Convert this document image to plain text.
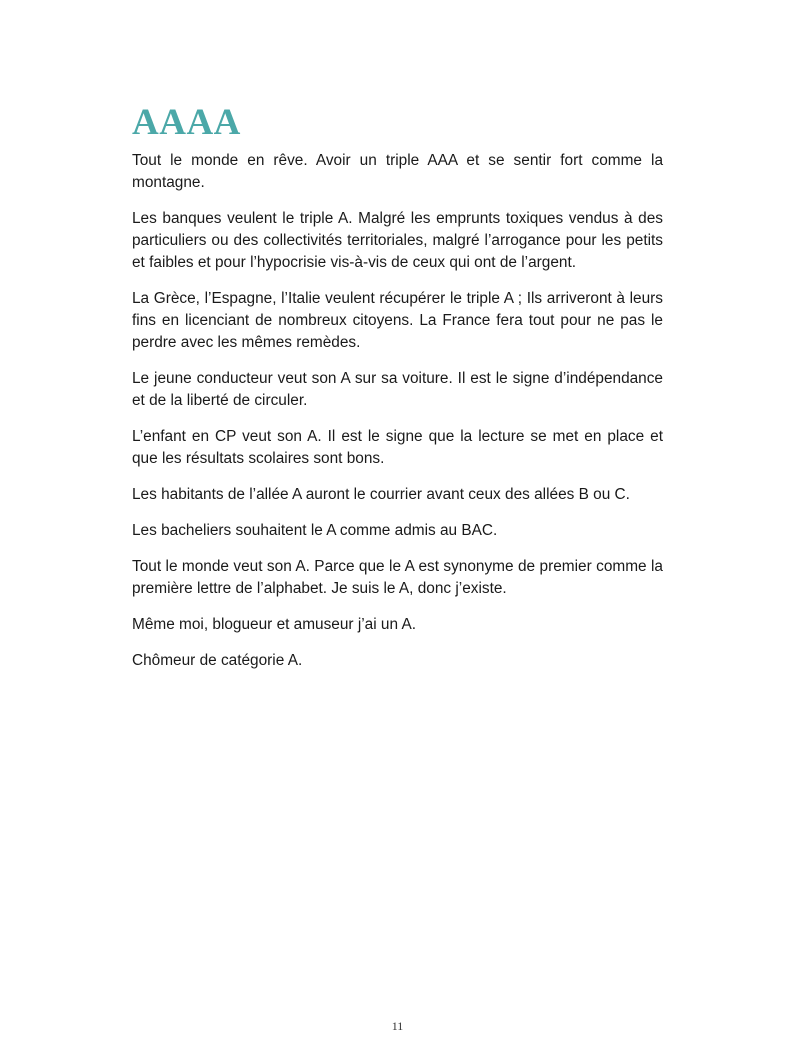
AAAA

Tout le monde en rêve. Avoir un triple AAA et se sentir fort comme la montagne.

Les banques veulent le triple A. Malgré les emprunts toxiques vendus à des particuliers ou des collectivités territoriales, malgré l’arrogance pour les petits et faibles et pour l’hypocrisie vis-à-vis de ceux qui ont de l’argent.

La Grèce, l’Espagne, l’Italie veulent récupérer le triple A ; Ils arriveront à leurs fins en licenciant de nombreux citoyens. La France fera tout pour ne pas le perdre avec les mêmes remèdes.

Le jeune conducteur veut son A sur sa voiture. Il est le signe d’indépendance et de la liberté de circuler.

L’enfant en CP veut son A. Il est le signe que la lecture se met en place et que les résultats scolaires sont bons.

Les habitants de l’allée A auront le courrier avant ceux des allées B ou C.

Les bacheliers souhaitent le A comme admis au BAC.

Tout le monde veut son A. Parce que le A est synonyme de premier comme la première lettre de l’alphabet. Je suis le A, donc j’existe.

Même moi, blogueur et amuseur j’ai un A.

Chômeur de catégorie A.

11
